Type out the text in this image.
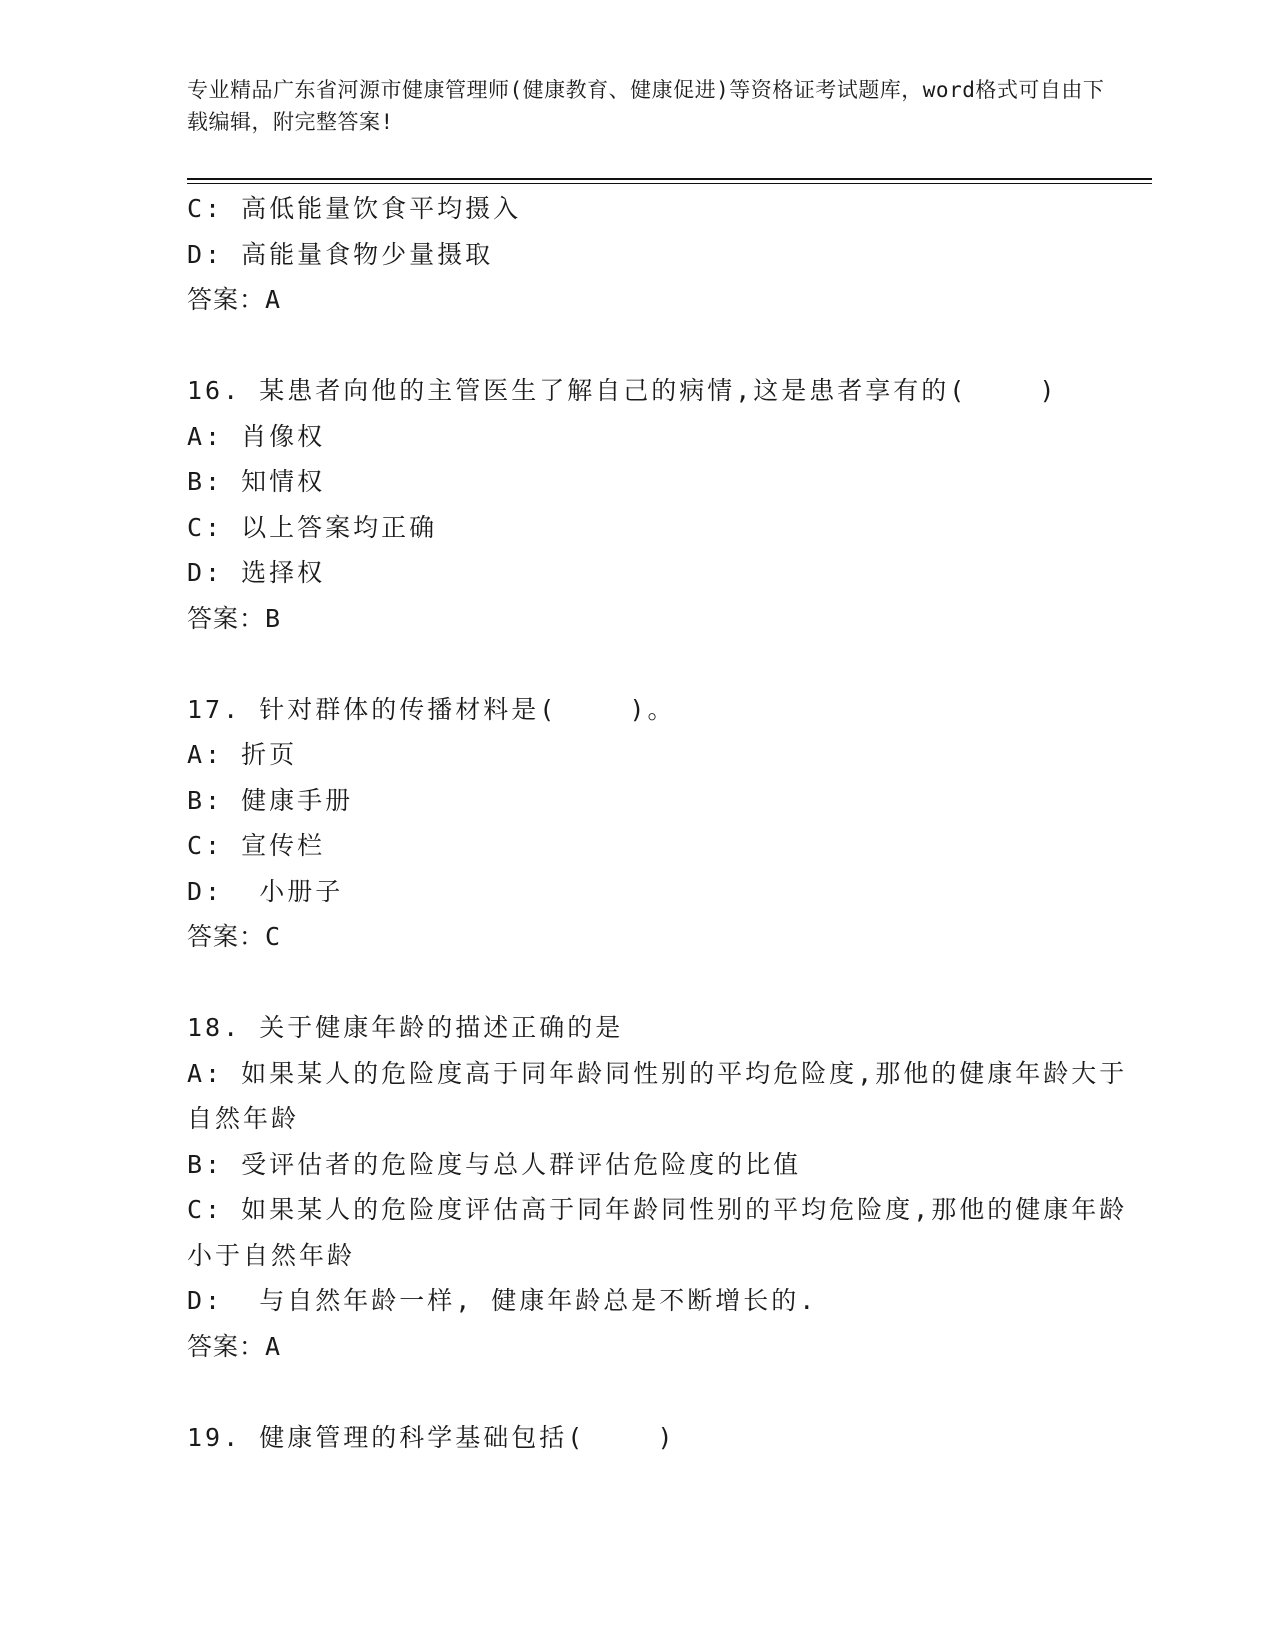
专业精品广东省河源市健康管理师(健康教育、健康促进)等资格证考试题库，word格式可自由下载编辑，附完整答案!
C: 高低能量饮食平均摄入
D: 高能量食物少量摄取
答案：A
16. 某患者向他的主管医生了解自己的病情,这是患者享有的(    )
A: 肖像权
B: 知情权
C: 以上答案均正确
D: 选择权
答案：B
17. 针对群体的传播材料是(    )。
A: 折页
B: 健康手册
C: 宣传栏
D:  小册子
答案：C
18. 关于健康年龄的描述正确的是
A: 如果某人的危险度高于同年龄同性别的平均危险度,那他的健康年龄大于自然年龄
B: 受评估者的危险度与总人群评估危险度的比值
C: 如果某人的危险度评估高于同年龄同性别的平均危险度,那他的健康年龄小于自然年龄
D:  与自然年龄一样, 健康年龄总是不断增长的.
答案：A
19. 健康管理的科学基础包括(    )
